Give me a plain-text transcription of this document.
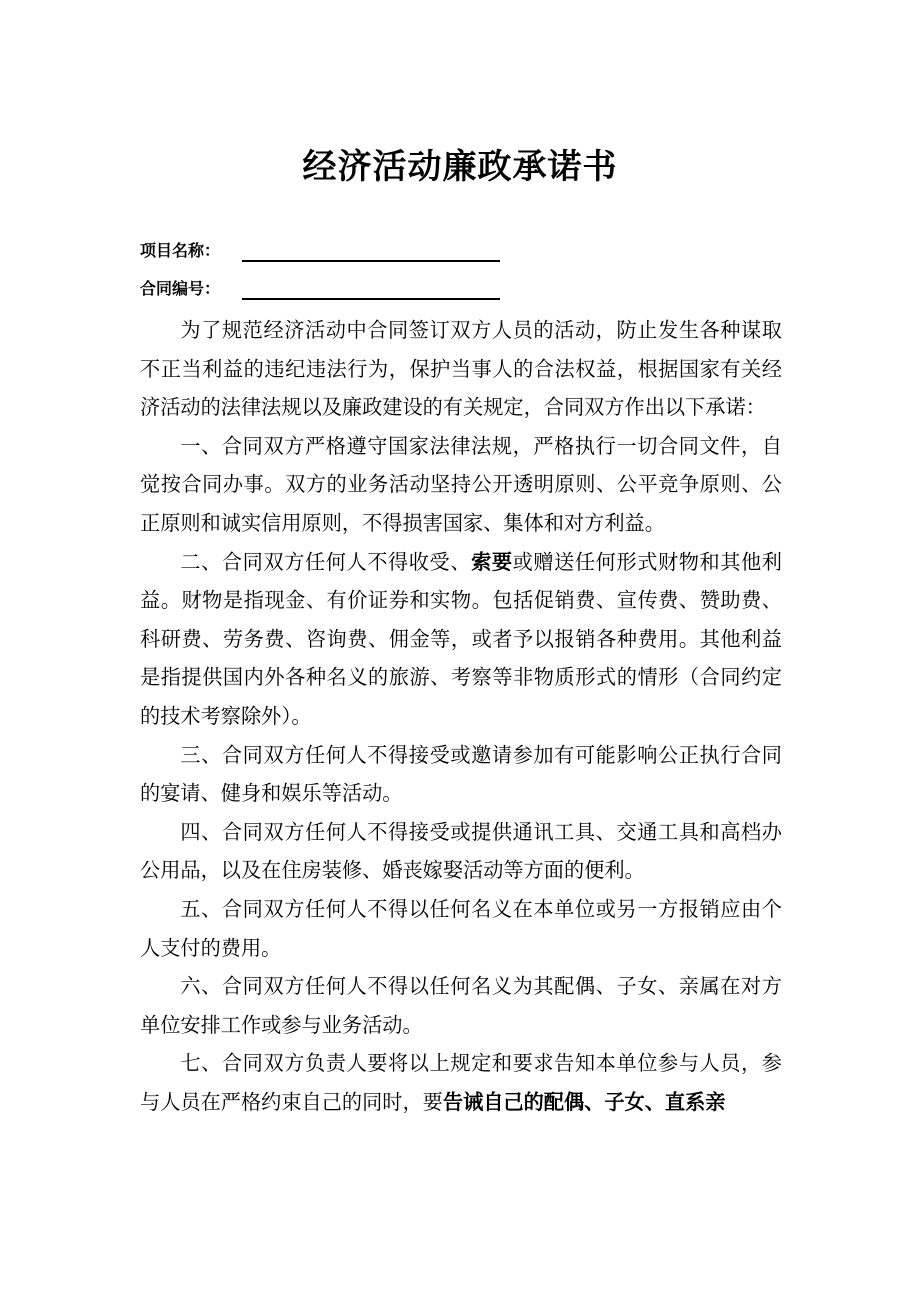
经济活动廉政承诺书
项目名称：
合同编号：

为了规范经济活动中合同签订双方人员的活动，防止发生各种谋取不正当利益的违纪违法行为，保护当事人的合法权益，根据国家有关经济活动的法律法规以及廉政建设的有关规定，合同双方作出以下承诺：

一、合同双方严格遵守国家法律法规，严格执行一切合同文件，自觉按合同办事。双方的业务活动坚持公开透明原则、公平竞争原则、公正原则和诚实信用原则，不得损害国家、集体和对方利益。

二、合同双方任何人不得收受、索要或赠送任何形式财物和其他利益。财物是指现金、有价证券和实物。包括促销费、宣传费、赞助费、科研费、劳务费、咨询费、佣金等，或者予以报销各种费用。其他利益是指提供国内外各种名义的旅游、考察等非物质形式的情形（合同约定的技术考察除外）。

三、合同双方任何人不得接受或邀请参加有可能影响公正执行合同的宴请、健身和娱乐等活动。

四、合同双方任何人不得接受或提供通讯工具、交通工具和高档办公用品，以及在住房装修、婚丧嫁娶活动等方面的便利。

五、合同双方任何人不得以任何名义在本单位或另一方报销应由个人支付的费用。

六、合同双方任何人不得以任何名义为其配偶、子女、亲属在对方单位安排工作或参与业务活动。

七、合同双方负责人要将以上规定和要求告知本单位参与人员，参与人员在严格约束自己的同时，要告诫自己的配偶、子女、直系亲
